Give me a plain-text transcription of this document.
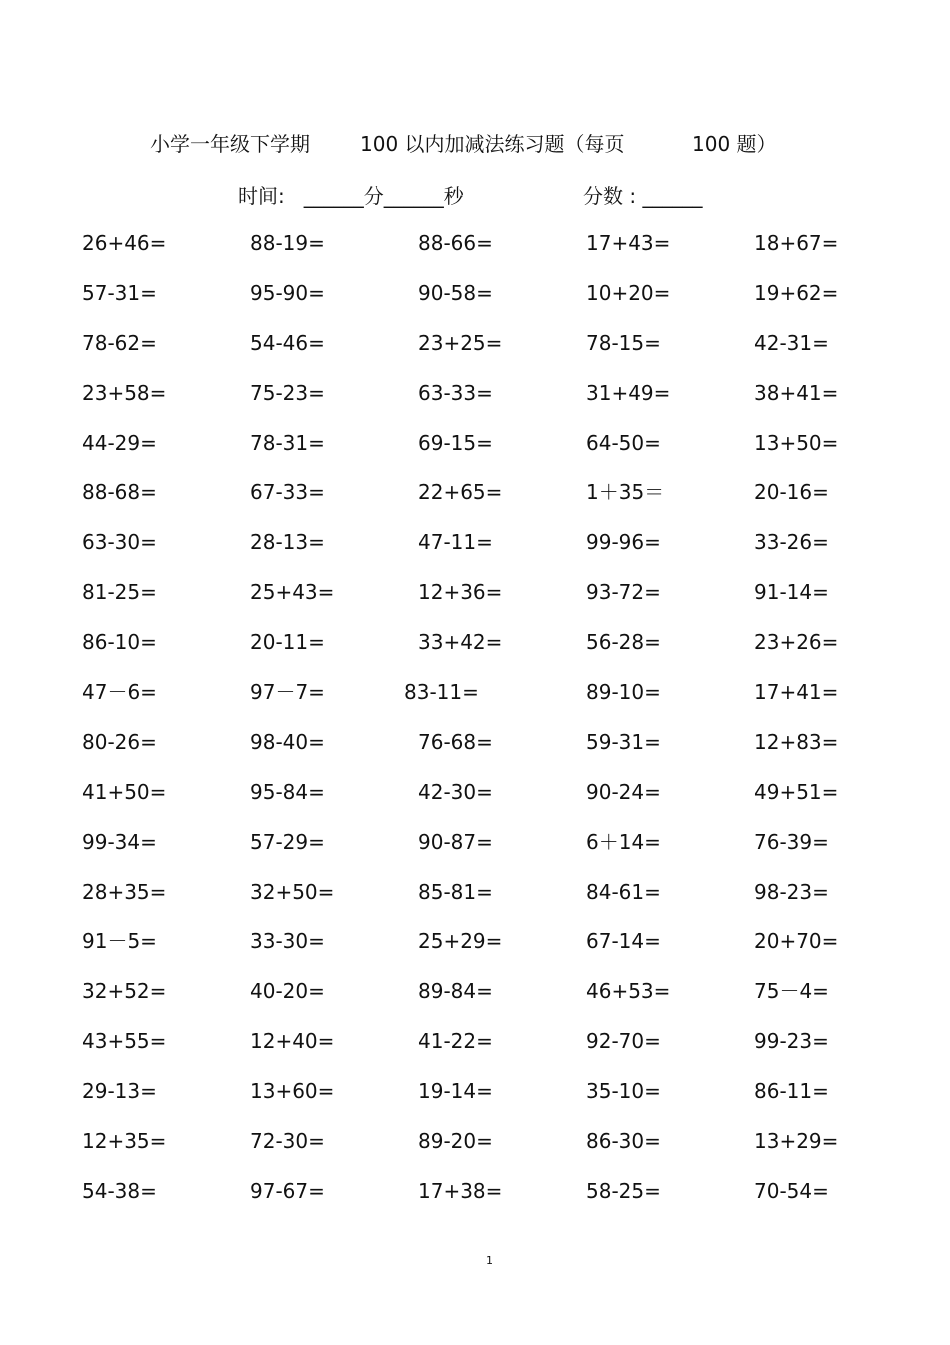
小学一年级下学期	100 以内加减法练习题（每页	100 题）
时间:   ______分______秒	分数 : ______
26+46=	88-19=	88-66=	17+43=	18+67=
57-31=	95-90=	90-58=	10+20=	19+62=
78-62=	54-46=	23+25=	78-15=	42-31=
23+58=	75-23=	63-33=	31+49=	38+41=
44-29=	78-31=	69-15=	64-50=	13+50=
88-68=	67-33=	22+65=	1＋35＝	20-16=
63-30=	28-13=	47-11=	99-96=	33-26=
81-25=	25+43=	12+36=	93-72=	91-14=
86-10=	20-11=	33+42=	56-28=	23+26=
47－6=	97－7=	83-11=	89-10=	17+41=
80-26=	98-40=	76-68=	59-31=	12+83=
41+50=	95-84=	42-30=	90-24=	49+51=
99-34=	57-29=	90-87=	6＋14=	76-39=
28+35=	32+50=	85-81=	84-61=	98-23=
91－5=	33-30=	25+29=	67-14=	20+70=
32+52=	40-20=	89-84=	46+53=	75－4=
43+55=	12+40=	41-22=	92-70=	99-23=
29-13=	13+60=	19-14=	35-10=	86-11=
12+35=	72-30=	89-20=	86-30=	13+29=
54-38=	97-67=	17+38=	58-25=	70-54=
1
